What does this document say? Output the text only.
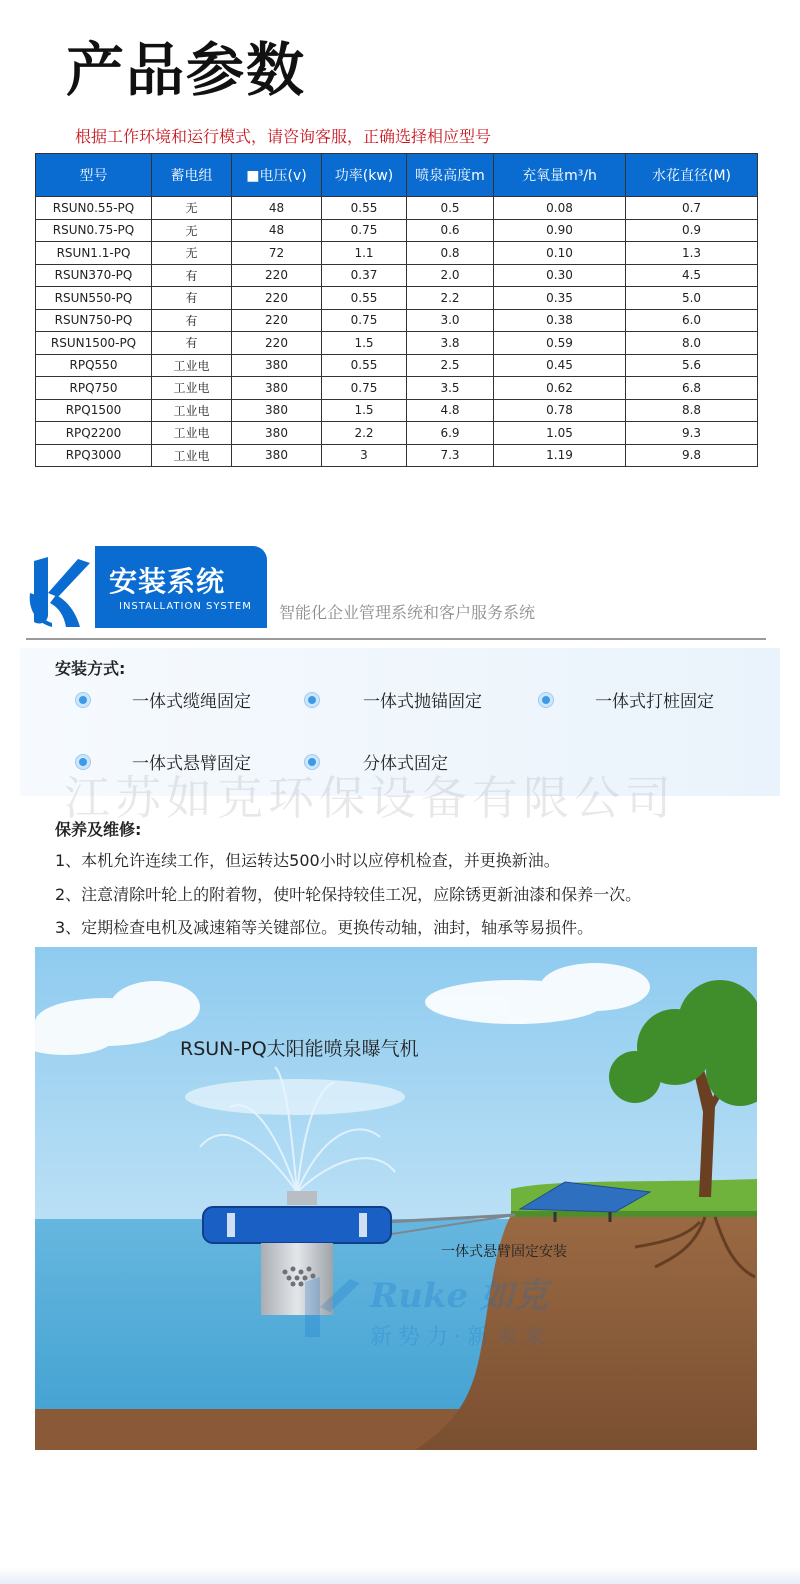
产品参数
根据工作环境和运行模式，请咨询客服，正确选择相应型号
型号	蓄电组	■电压(v)	功率(kw)	喷泉高度m	充氧量m³/h	水花直径(M)
RSUN0.55-PQ	无	48	0.55	0.5	0.08	0.7
RSUN0.75-PQ	无	48	0.75	0.6	0.90	0.9
RSUN1.1-PQ	无	72	1.1	0.8	0.10	1.3
RSUN370-PQ	有	220	0.37	2.0	0.30	4.5
RSUN550-PQ	有	220	0.55	2.2	0.35	5.0
RSUN750-PQ	有	220	0.75	3.0	0.38	6.0
RSUN1500-PQ	有	220	1.5	3.8	0.59	8.0
RPQ550	工业电	380	0.55	2.5	0.45	5.6
RPQ750	工业电	380	0.75	3.5	0.62	6.8
RPQ1500	工业电	380	1.5	4.8	0.78	8.8
RPQ2200	工业电	380	2.2	6.9	1.05	9.3
RPQ3000	工业电	380	3	7.3	1.19	9.8
安装系统
INSTALLATION SYSTEM 智能化企业管理系统和客户服务系统
安装方式:
一体式缆绳固定	一体式抛锚固定	一体式打桩固定
一体式悬臂固定	分体式固定
江苏如克环保设备有限公司
保养及维修:
1、本机允许连续工作，但运转达500小时以应停机检查，并更换新油。
2、注意清除叶轮上的附着物，使叶轮保持较佳工况，应除锈更新油漆和保养一次。
3、定期检查电机及减速箱等关键部位。更换传动轴，油封，轴承等易损件。
Ruke 如克
新势力·新未来
RSUN-PQ太阳能喷泉曝气机
一体式悬臂固定安装
